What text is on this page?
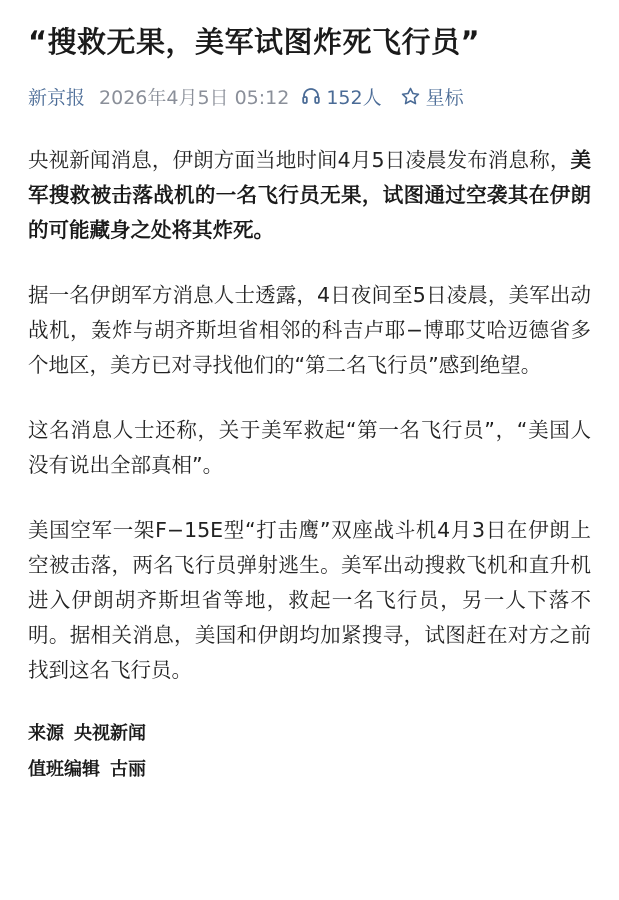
“搜救无果，美军试图炸死飞行员”
新京报 2026年4月5日 05:12 152人 星标

央视新闻消息，伊朗方面当地时间4月5日凌晨发布消息称，美军搜救被击落战机的一名飞行员无果，试图通过空袭其在伊朗的可能藏身之处将其炸死。

据一名伊朗军方消息人士透露，4日夜间至5日凌晨，美军出动战机，轰炸与胡齐斯坦省相邻的科吉卢耶−博耶艾哈迈德省多个地区，美方已对寻找他们的“第二名飞行员”感到绝望。

这名消息人士还称，关于美军救起“第一名飞行员”，“美国人没有说出全部真相”。

美国空军一架F−15E型“打击鹰”双座战斗机4月3日在伊朗上空被击落，两名飞行员弹射逃生。美军出动搜救飞机和直升机进入伊朗胡齐斯坦省等地，救起一名飞行员，另一人下落不明。据相关消息，美国和伊朗均加紧搜寻，试图赶在对方之前找到这名飞行员。

来源 央视新闻
值班编辑 古丽
